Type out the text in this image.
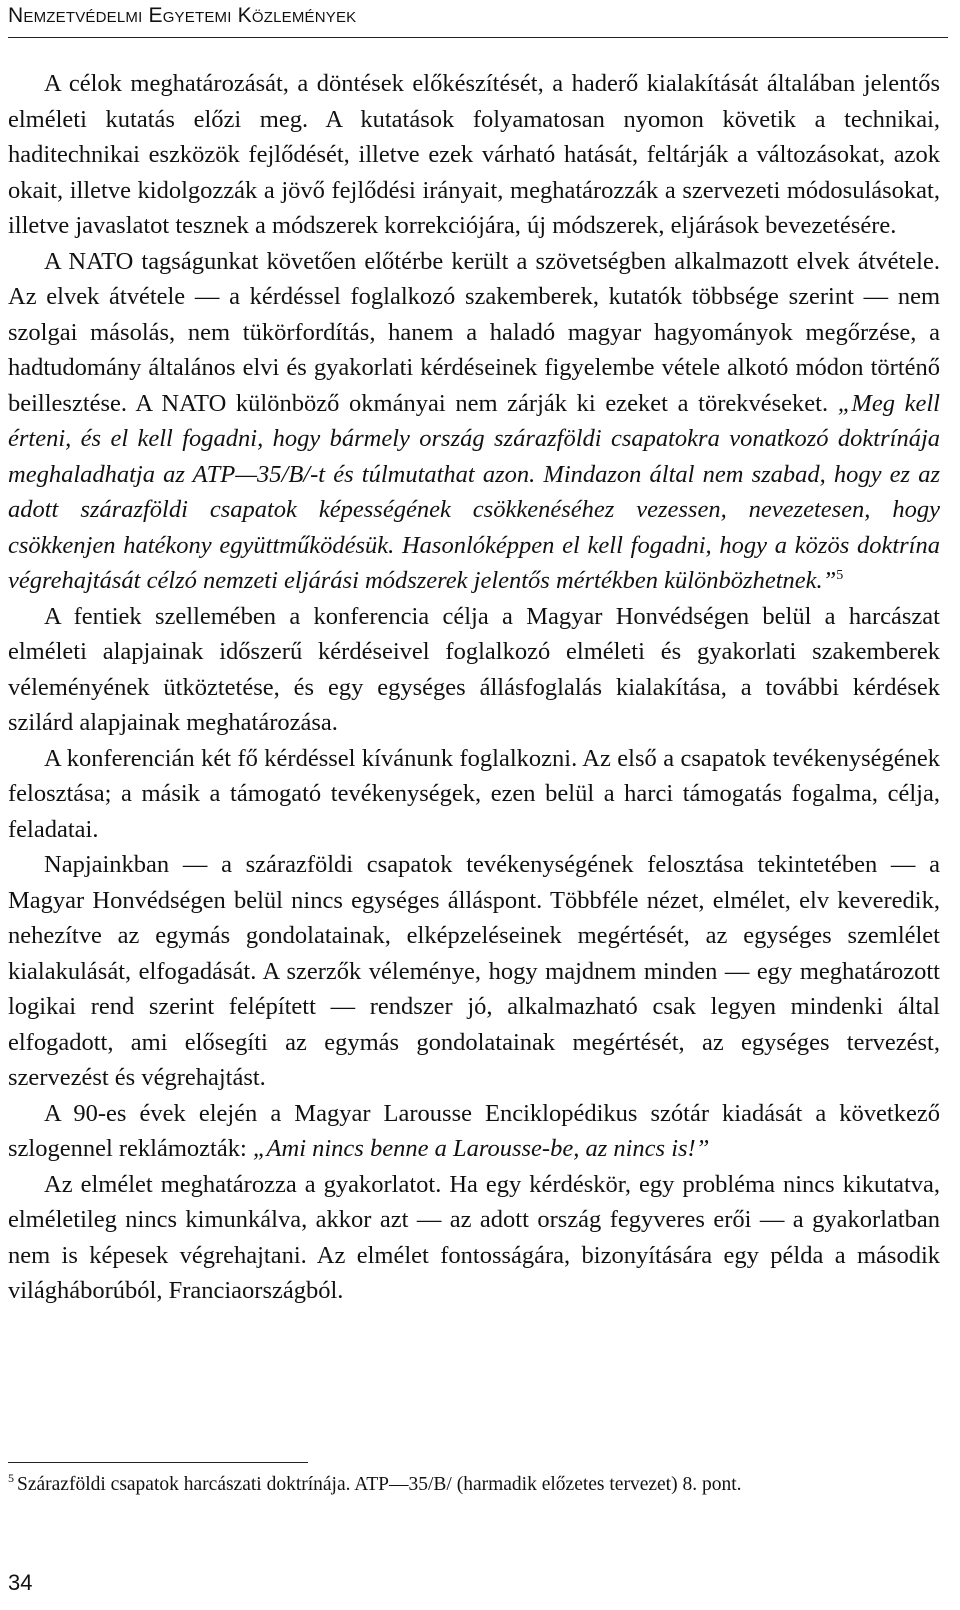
Nemzetvédelmi Egyetemi Közlemények

A célok meghatározását, a döntések előkészítését, a haderő kialakítását általában jelentős elméleti kutatás előzi meg. A kutatások folyamatosan nyomon követik a technikai, haditechnikai eszközök fejlődését, illetve ezek várható hatását, feltárják a változásokat, azok okait, illetve kidolgozzák a jövő fejlődési irányait, meghatározzák a szervezeti módosulásokat, illetve javaslatot tesznek a módszerek korrekciójára, új módszerek, eljárások bevezetésére.

A NATO tagságunkat követően előtérbe került a szövetségben alkalmazott elvek átvétele. Az elvek átvétele — a kérdéssel foglalkozó szakemberek, kutatók többsége szerint — nem szolgai másolás, nem tükörfordítás, hanem a haladó magyar hagyományok megőrzése, a hadtudomány általános elvi és gyakorlati kérdéseinek figyelembe vétele alkotó módon történő beillesztése. A NATO különböző okmányai nem zárják ki ezeket a törekvéseket. „Meg kell érteni, és el kell fogadni, hogy bármely ország szárazföldi csapatokra vonatkozó doktrínája meghaladhatja az ATP—35/B/-t és túlmutathat azon. Mindazon által nem szabad, hogy ez az adott szárazföldi csapatok képességének csökkenéséhez vezessen, nevezetesen, hogy csökkenjen hatékony együttműködésük. Hasonlóképpen el kell fogadni, hogy a közös doktrína végrehajtását célzó nemzeti eljárási módszerek jelentős mértékben különbözhetnek.”$^5$

A fentiek szellemében a konferencia célja a Magyar Honvédségen belül a harcászat elméleti alapjainak időszerű kérdéseivel foglalkozó elméleti és gyakorlati szakemberek véleményének ütköztetése, és egy egységes állásfoglalás kialakítása, a további kérdések szilárd alapjainak meghatározása.

A konferencián két fő kérdéssel kívánunk foglalkozni. Az első a csapatok tevékenységének felosztása; a másik a támogató tevékenységek, ezen belül a harci támogatás fogalma, célja, feladatai.

Napjainkban — a szárazföldi csapatok tevékenységének felosztása tekintetében — a Magyar Honvédségen belül nincs egységes álláspont. Többféle nézet, elmélet, elv keveredik, nehezítve az egymás gondolatainak, elképzeléseinek megértését, az egységes szemlélet kialakulását, elfogadását. A szerzők véleménye, hogy majdnem minden — egy meghatározott logikai rend szerint felépített — rendszer jó, alkalmazható csak legyen mindenki által elfogadott, ami elősegíti az egymás gondolatainak megértését, az egységes tervezést, szervezést és végrehajtást.

A 90-es évek elején a Magyar Larousse Enciklopédikus szótár kiadását a következő szlogennel reklámozták: „Ami nincs benne a Larousse-be, az nincs is!”

Az elmélet meghatározza a gyakorlatot. Ha egy kérdéskör, egy probléma nincs kikutatva, elméletileg nincs kimunkálva, akkor azt — az adott ország fegyveres erői — a gyakorlatban nem is képesek végrehajtani. Az elmélet fontosságára, bizonyítására egy példa a második világháborúból, Franciaországból.

$^5$ Szárazföldi csapatok harcászati doktrínája. ATP—35/B/ (harmadik előzetes tervezet) 8. pont.
34
